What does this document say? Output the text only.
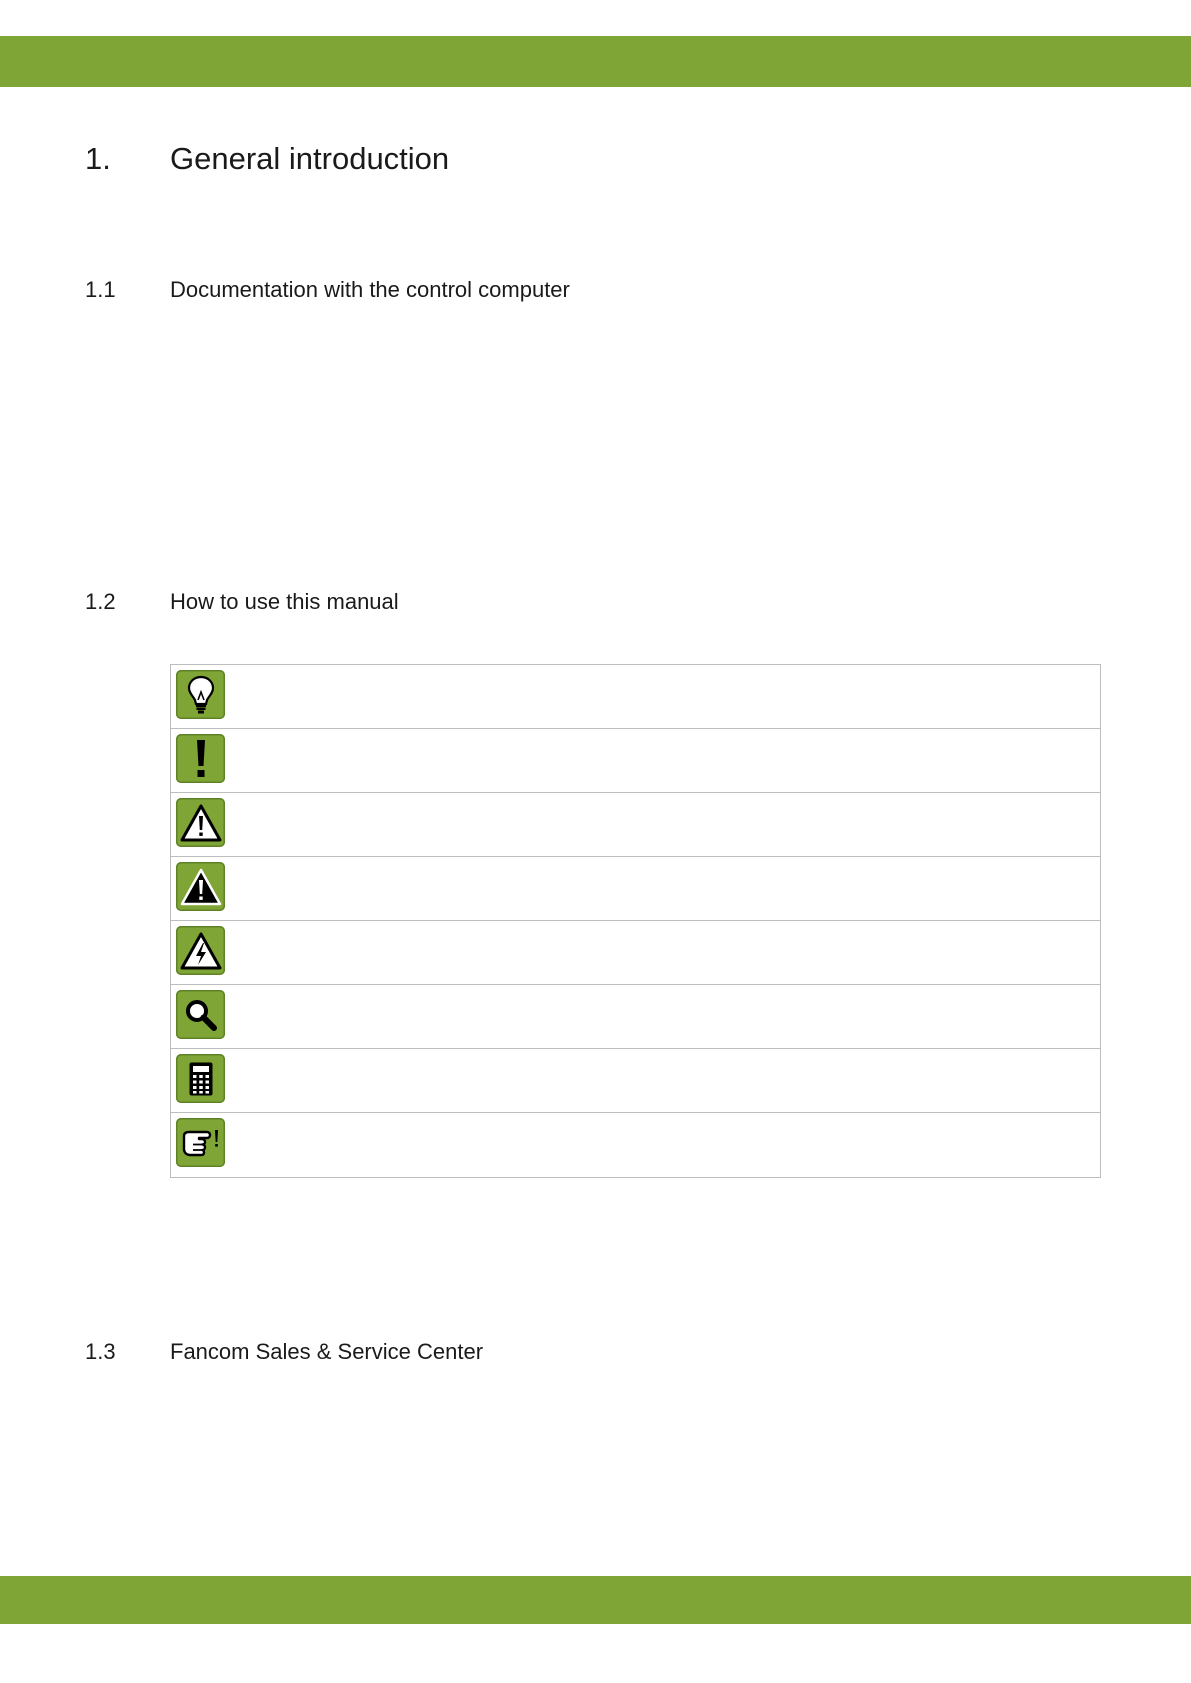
1.	General introduction
1.1	Documentation with the control computer
1.2	How to use this manual
1.3	Fancom Sales & Service Center
